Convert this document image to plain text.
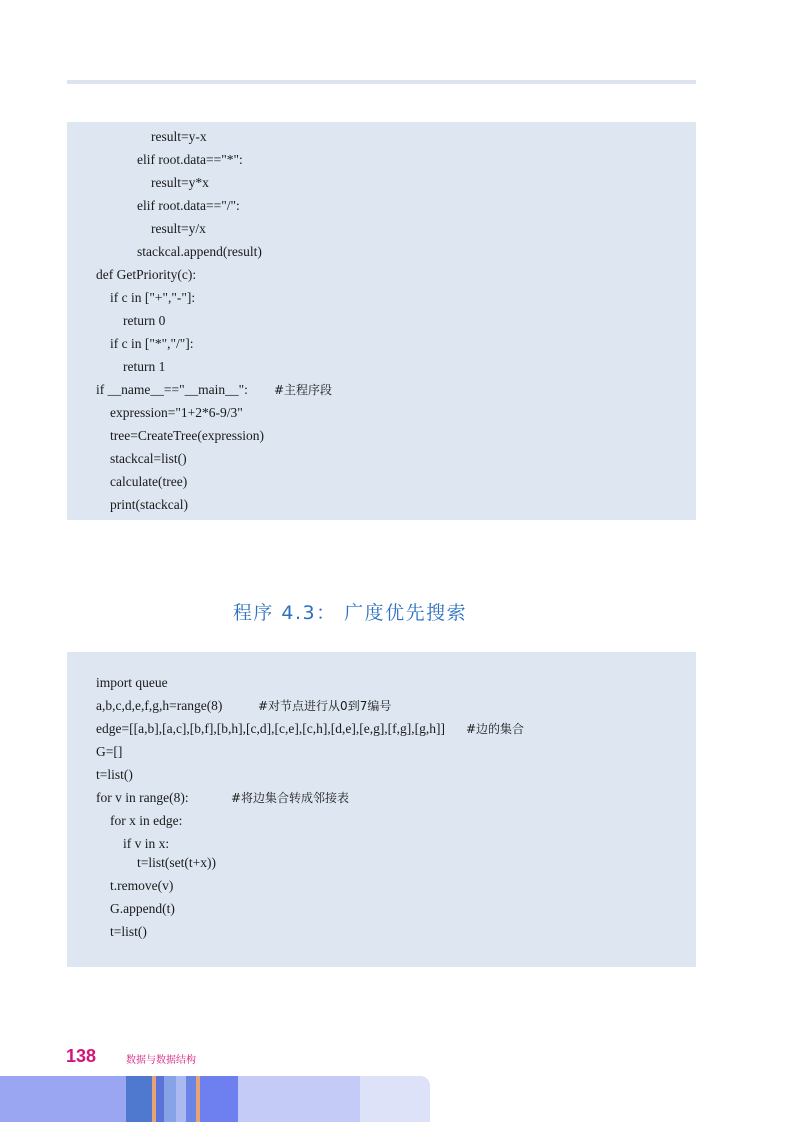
result=y-x
elif root.data=="*":
result=y*x
elif root.data=="/":
result=y/x
stackcal.append(result)
def GetPriority(c):
if c in ["+","-"]:
return 0
if c in ["*","/"]:
return 1
if __name__=="__main__": #主程序段
expression="1+2*6-9/3"
tree=CreateTree(expression)
stackcal=list()
calculate(tree)
print(stackcal)
程序 4.3： 广度优先搜索
import queue
a,b,c,d,e,f,g,h=range(8)	#对节点进行从0到7编号
edge=[[a,b],[a,c],[b,f],[b,h],[c,d],[c,e],[c,h],[d,e],[e,g],[f,g],[g,h]] #边的集合
G=[]
t=list()
for v in range(8):	#将边集合转成邻接表
for x in edge:
if v in x:
t=list(set(t+x))
t.remove(v)
G.append(t)
t=list()
138	数据与数据结构
